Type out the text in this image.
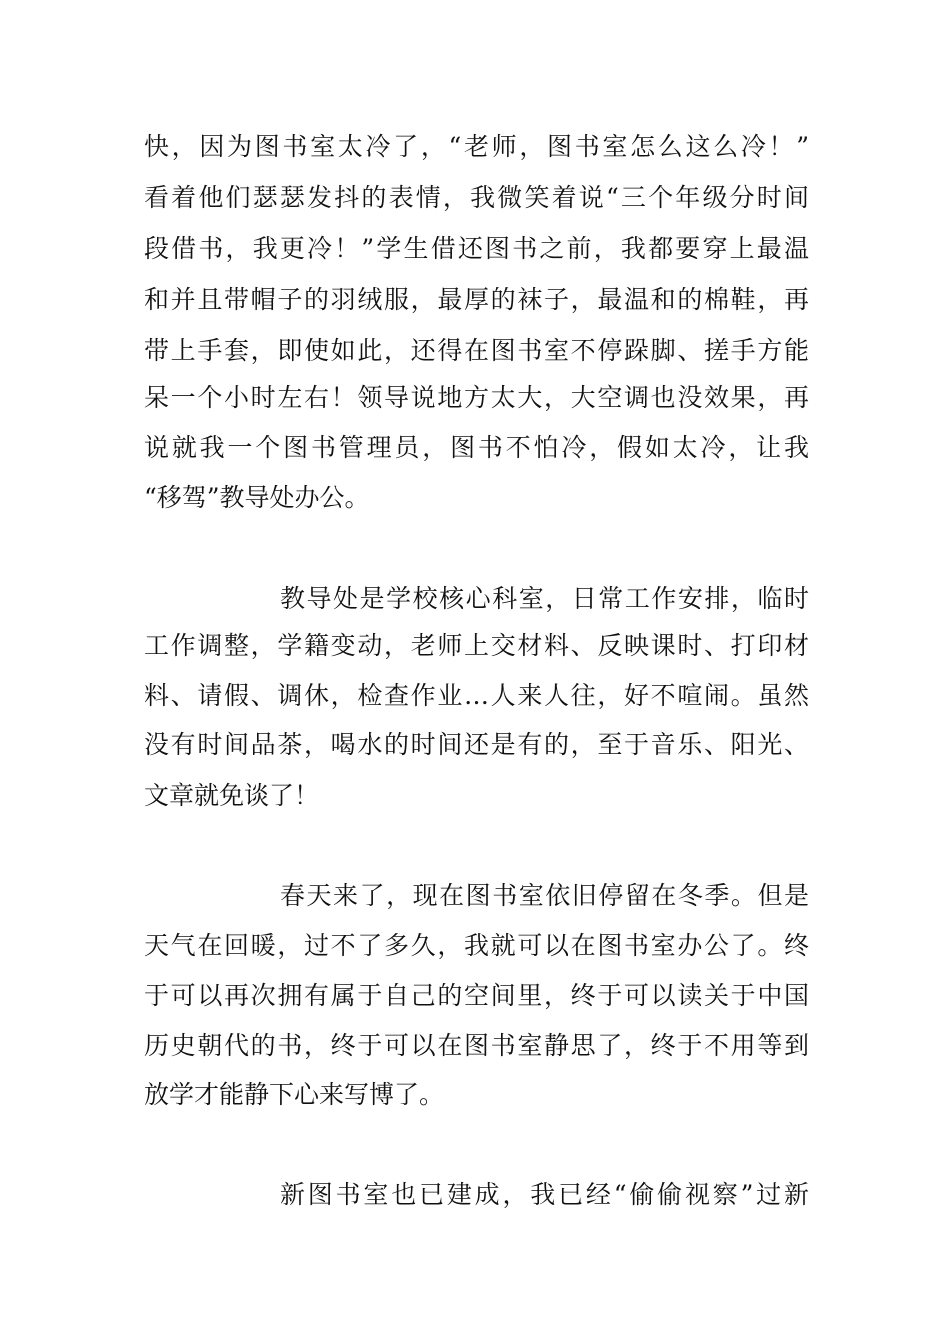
快，因为图书室太冷了，“老师，图书室怎么这么冷！”
看着他们瑟瑟发抖的表情，我微笑着说“三个年级分时间
段借书，我更冷！”学生借还图书之前，我都要穿上最温
和并且带帽子的羽绒服，最厚的袜子，最温和的棉鞋，再
带上手套，即使如此，还得在图书室不停跺脚、搓手方能
呆一个小时左右！领导说地方太大，大空调也没效果，再
说就我一个图书管理员，图书不怕冷，假如太冷，让我
“移驾”教导处办公。
教导处是学校核心科室，日常工作安排，临时
工作调整，学籍变动，老师上交材料、反映课时、打印材
料、请假、调休，检查作业…人来人往，好不喧闹。虽然
没有时间品茶，喝水的时间还是有的，至于音乐、阳光、
文章就免谈了！
春天来了，现在图书室依旧停留在冬季。但是
天气在回暖，过不了多久，我就可以在图书室办公了。终
于可以再次拥有属于自己的空间里，终于可以读关于中国
历史朝代的书，终于可以在图书室静思了，终于不用等到
放学才能静下心来写博了。
新图书室也已建成，我已经“偷偷视察”过新
